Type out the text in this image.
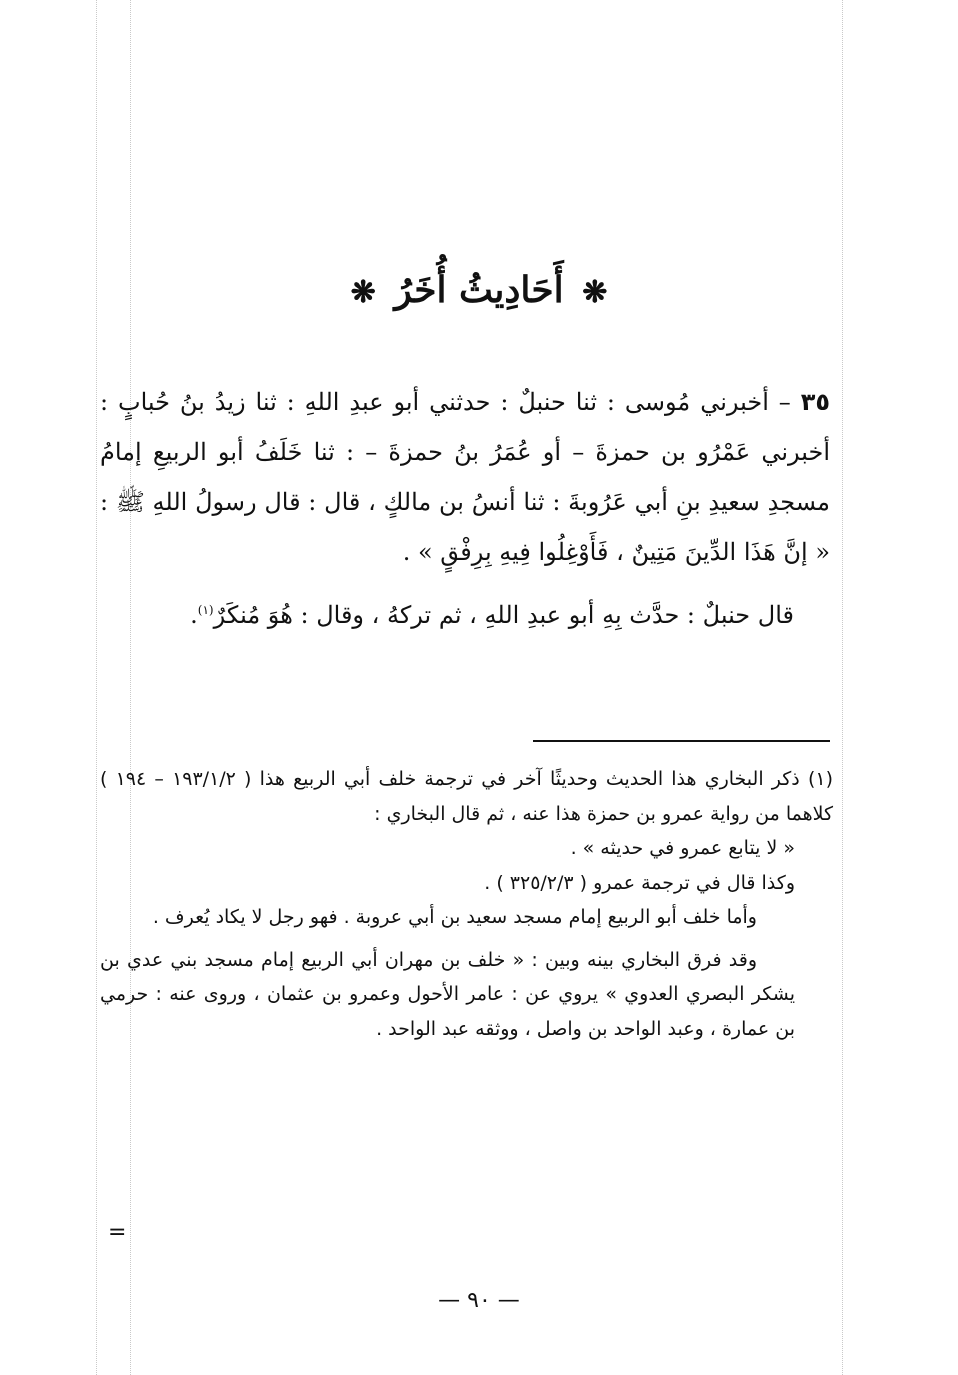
❋ أَحَادِيثُ أُخَرُ ❋

٣٥ – أخبرني مُوسى : ثنا حنبلٌ : حدثني أبو عبدِ اللهِ : ثنا زيدُ بنُ حُبابٍ : أخبرني عَمْرُو بن حمزةَ – أو عُمَرُ بنُ حمزةَ – : ثنا خَلَفُ أبو الربيعِ إمامُ مسجدِ سعيدِ بنِ أبي عَرُوبةَ : ثنا أنسُ بن مالكٍ ، قال : قال رسولُ اللهِ ﷺ : « إنَّ هَذَا الدِّينَ مَتِينٌ ، فَأَوْغِلُوا فِيهِ بِرِفْقٍ » .

قال حنبلٌ : حدَّث بِهِ أبو عبدِ اللهِ ، ثم تركهُ ، وقال : هُوَ مُنكَرٌ$^{(١)}$.

(١) ذكر البخاري هذا الحديث وحديثًا آخر في ترجمة خلف أبي الربيع هذا ( ١٩٣/١/٢ – ١٩٤ ) كلاهما من رواية عمرو بن حمزة هذا عنه ، ثم قال البخاري :

« لا يتابع عمرو في حديثه » .

وكذا قال في ترجمة عمرو ( ٣٢٥/٢/٣ ) .

وأما خلف أبو الربيع إمام مسجد سعيد بن أبي عروبة . فهو رجل لا يكاد يُعرف .

وقد فرق البخاري بينه وبين : « خلف بن مهران أبي الربيع إمام مسجد بني عدي بن يشكر البصري العدوي » يروي عن : عامر الأحول وعمرو بن عثمان ، وروى عنه : حرمي بن عمارة ، وعبد الواحد بن واصل ، ووثقه عبد الواحد .

=
— ٩٠ —
